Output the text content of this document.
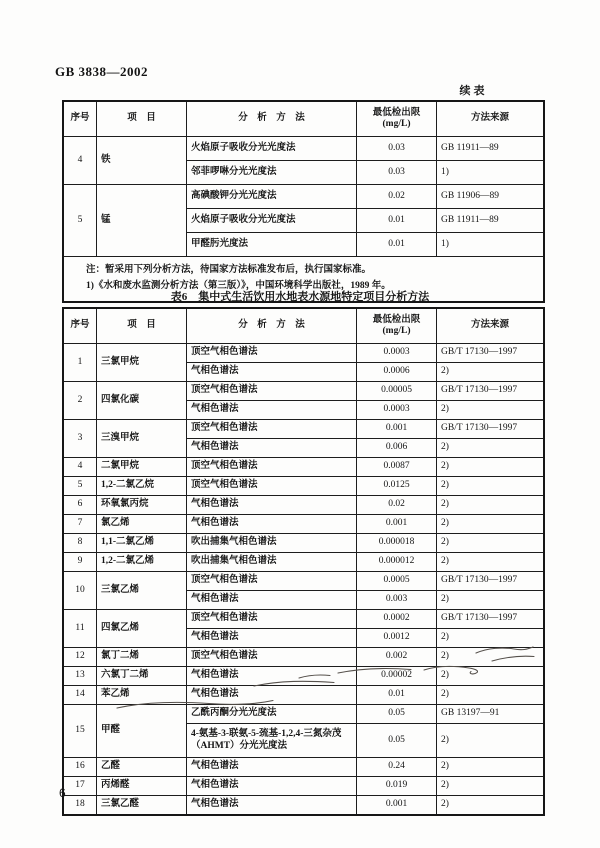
GB 3838—2002
续表
序号	项　目	分　析　方　法	最低检出限
(mg/L)	方法来源
4	铁	火焰原子吸收分光光度法	0.03	GB 11911—89
		邻菲啰啉分光光度法	0.03	1)
5	锰	高碘酸钾分光光度法	0.02	GB 11906—89
		火焰原子吸收分光光度法	0.01	GB 11911—89
		甲醛肟光度法	0.01	1)

注：暂采用下列分析方法，待国家方法标准发布后，执行国家标准。
1)《水和废水监测分析方法（第三版）》，中国环境科学出版社，1989 年。				
表6　集中式生活饮用水地表水源地特定项目分析方法
序号	项　目	分　析　方　法	最低检出限
(mg/L)	方法来源
1	三氯甲烷	顶空气相色谱法	0.0003	GB/T 17130—1997
		气相色谱法	0.0006	2)
2	四氯化碳	顶空气相色谱法	0.00005	GB/T 17130—1997
		气相色谱法	0.0003	2)
3	三溴甲烷	顶空气相色谱法	0.001	GB/T 17130—1997
		气相色谱法	0.006	2)
4	二氯甲烷	顶空气相色谱法	0.0087	2)
5	1,2-二氯乙烷	顶空气相色谱法	0.0125	2)
6	环氧氯丙烷	气相色谱法	0.02	2)
7	氯乙烯	气相色谱法	0.001	2)
8	1,1-二氯乙烯	吹出捕集气相色谱法	0.000018	2)
9	1,2-二氯乙烯	吹出捕集气相色谱法	0.000012	2)
10	三氯乙烯	顶空气相色谱法	0.0005	GB/T 17130—1997
		气相色谱法	0.003	2)
11	四氯乙烯	顶空气相色谱法	0.0002	GB/T 17130—1997
		气相色谱法	0.0012	2)
12	氯丁二烯	顶空气相色谱法	0.002	2)
13	六氯丁二烯	气相色谱法	0.00002	2)
14	苯乙烯	气相色谱法	0.01	2)
15	甲醛	乙酰丙酮分光光度法	0.05	GB 13197—91
		4-氨基-3-联氨-5-巯基-1,2,4-三氮杂茂（AHMT）分光光度法	0.05	2)
16	乙醛	气相色谱法	0.24	2)
17	丙烯醛	气相色谱法	0.019	2)
18	三氯乙醛	气相色谱法	0.001	2)
6
